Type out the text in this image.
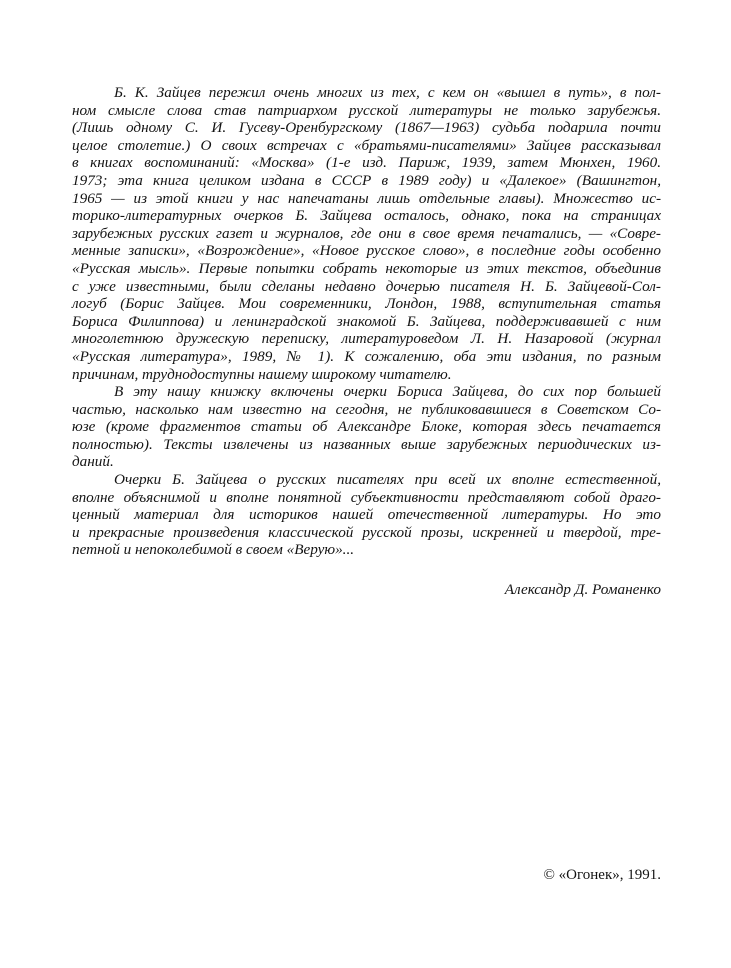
Б. К. Зайцев пережил очень многих из тех, с кем он «вышел в путь», в пол-
ном смысле слова став патриархом русской литературы не только зарубежья.
(Лишь одному С. И. Гусеву-Оренбургскому (1867—1963) судьба подарила почти
целое столетие.) О своих встречах с «братьями-писателями» Зайцев рассказывал
в книгах воспоминаний: «Москва» (1-е изд. Париж, 1939, затем Мюнхен, 1960.
1973; эта книга целиком издана в СССР в 1989 году) и «Далекое» (Вашингтон,
1965 — из этой книги у нас напечатаны лишь отдельные главы). Множество ис-
торико-литературных очерков Б. Зайцева осталось, однако, пока на страницах
зарубежных русских газет и журналов, где они в свое время печатались, — «Совре-
менные записки», «Возрождение», «Новое русское слово», в последние годы особенно
«Русская мысль». Первые попытки собрать некоторые из этих текстов, объединив
с уже известными, были сделаны недавно дочерью писателя Н. Б. Зайцевой-Сол-
логуб (Борис Зайцев. Мои современники, Лондон, 1988, вступительная статья
Бориса Филиппова) и ленинградской знакомой Б. Зайцева, поддерживавшей с ним
многолетнюю дружескую переписку, литературоведом Л. Н. Назаровой (журнал
«Русская литература», 1989, № 1). К сожалению, оба эти издания, по разным
причинам, труднодоступны нашему широкому читателю.
В эту нашу книжку включены очерки Бориса Зайцева, до сих пор большей
частью, насколько нам известно на сегодня, не публиковавшиеся в Советском Со-
юзе (кроме фрагментов статьи об Александре Блоке, которая здесь печатается
полностью). Тексты извлечены из названных выше зарубежных периодических из-
даний.
Очерки Б. Зайцева о русских писателях при всей их вполне естественной,
вполне объяснимой и вполне понятной субъективности представляют собой драго-
ценный материал для историков нашей отечественной литературы. Но это
и прекрасные произведения классической русской прозы, искренней и твердой, тре-
петной и непоколебимой в своем «Верую»...
Александр Д. Романенко
© «Огонек», 1991.
